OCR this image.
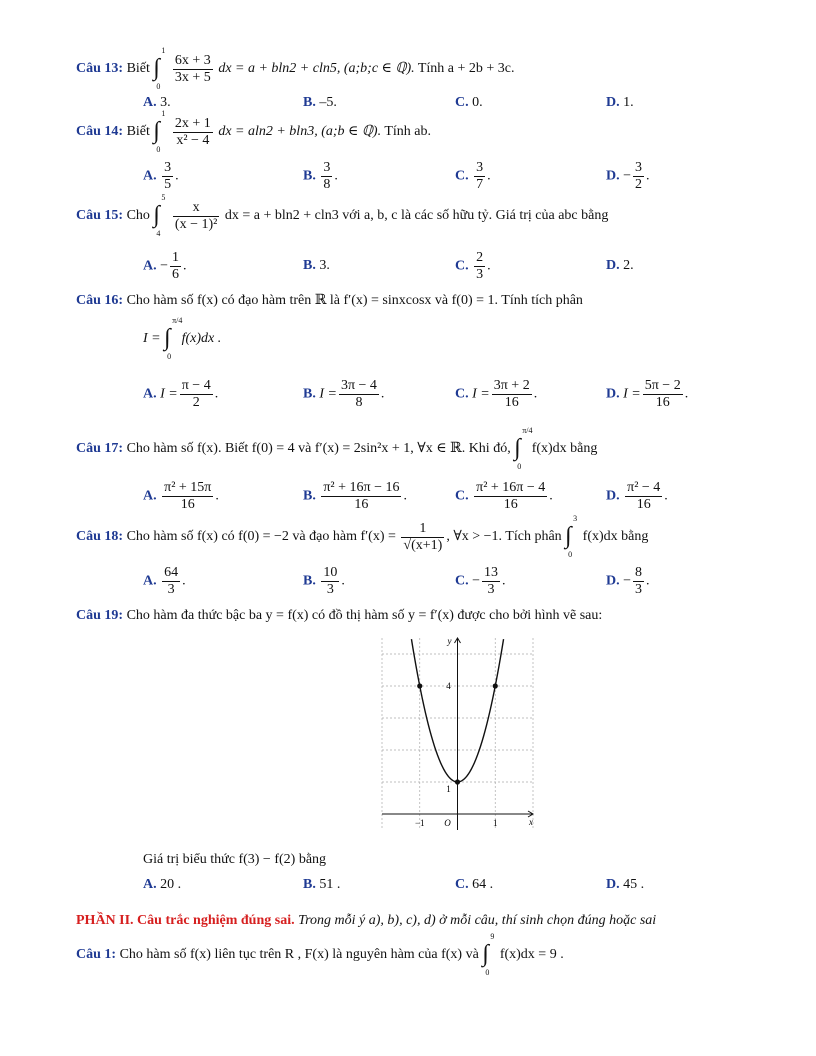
Câu 13: Biết ∫
1
0

$\frac{6x + 3}{3x + 5}$ dx = a + bln2 + cln5, (a;b;c ∈ ℚ). Tính a + 2b + 3c.
A. 3.	B. –5.	C. 0.	D. 1.
Câu 14: Biết ∫
1
0

$\frac{2x + 1}{\text{x² − 4}}$ dx = aln2 + bln3, (a;b ∈ ℚ). Tính ab.
A. $\frac{3}{5}$ .	B. $\frac{3}{8}$ .	C. $\frac{3}{7}$ .	D. − $\frac{3}{2}$ .
Câu 15: Cho ∫
5
4

$\frac{x}{\text{(x − 1)²}}$ dx = a + bln2 + cln3 với a, b, c là các số hữu tỷ. Giá trị của abc bằng
A. − $\frac{1}{6}$ .	B. 3.	C. $\frac{2}{3}$ .	D. 2.
Câu 16: Cho hàm số f(x) có đạo hàm trên ℝ là f′(x) = sinxcosx và f(0) = 1. Tính tích phân
I = ∫
π/4
0
f(x)dx .
A. $I = \frac{\pi - 4}{2}$ .	B. $I = \frac{3\pi - 4}{8}$ .	C. $I = \frac{3\pi + 2}{16}$ .	D. $I = \frac{5\pi - 2}{16}$ .
Câu 17: Cho hàm số f(x). Biết f(0) = 4 và f′(x) = 2sin²x + 1, ∀x ∈ ℝ. Khi đó, ∫
π/4
0
f(x)dx bằng
A. $\frac{\text{π² + 15π}}{16}$ .	B. $\frac{\text{π² + 16π − 16}}{16}$ .	C. $\frac{\text{π² + 16π − 4}}{16}$ .	D. $\frac{\text{π² − 4}}{16}$ .
Câu 18: Cho hàm số f(x) có f(0) = −2 và đạo hàm $f'(x) = \frac{1}{√(x+1)}$ , ∀x > −1. Tích phân ∫
3
0
f(x)dx bằng
A. $\frac{64}{3}$ .	B. $\frac{10}{3}$ .	C. − $\frac{13}{3}$ .	D. − $\frac{8}{3}$ .
Câu 19: Cho hàm đa thức bậc ba y = f(x) có đồ thị hàm số y = f′(x) được cho bởi hình vẽ sau:
y
x
−1 O	1
1
4
Giá trị biểu thức f(3) − f(2) bằng
A. 20 .	B. 51 .	C. 64 .	D. 45 .
PHẦN II. Câu trắc nghiệm đúng sai. Trong mỗi ý a), b), c), d) ở mỗi câu, thí sinh chọn đúng hoặc sai
Câu 1: Cho hàm số f(x) liên tục trên R , F(x) là nguyên hàm của f(x) và ∫
9
0
f(x)dx = 9 .
